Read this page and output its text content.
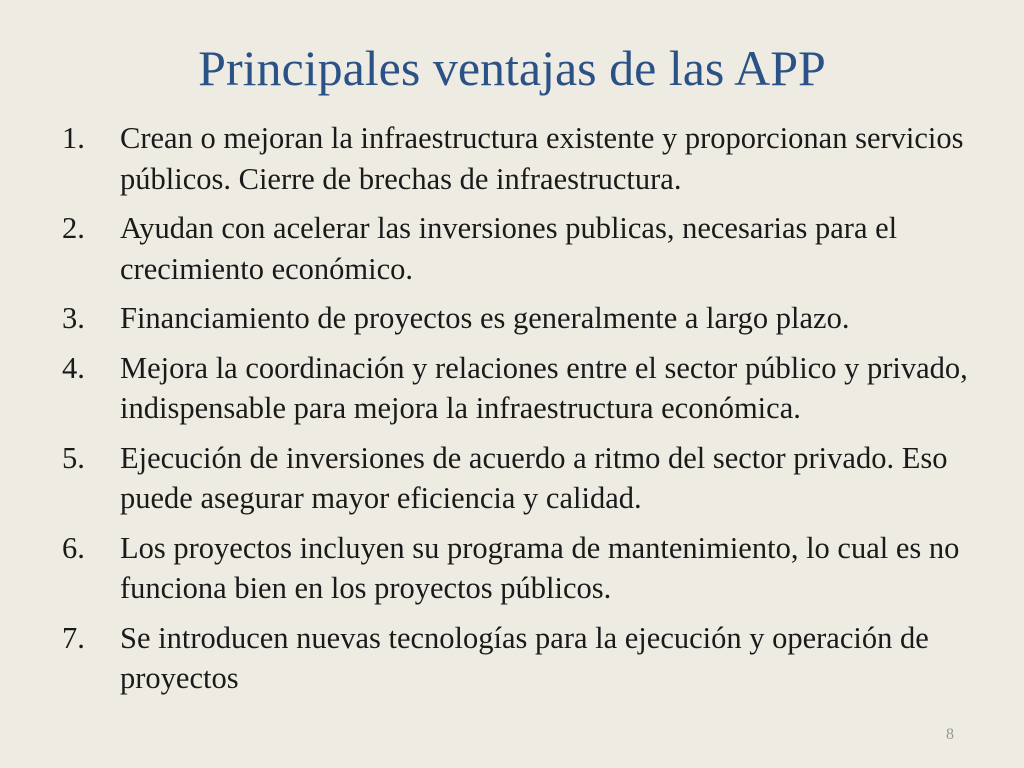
Principales ventajas de las APP
1.	Crean o mejoran la infraestructura existente y proporcionan servicios públicos. Cierre de brechas de infraestructura.
2.	Ayudan con acelerar las inversiones publicas, necesarias para el crecimiento económico.
3.	Financiamiento de proyectos es generalmente a largo plazo.
4.	Mejora la coordinación y relaciones entre el sector público y privado, indispensable para mejora la infraestructura económica.
5.	Ejecución de inversiones de acuerdo a ritmo del sector privado. Eso puede asegurar mayor eficiencia y calidad.
6.	Los proyectos incluyen su programa de mantenimiento, lo cual es no funciona bien en los proyectos públicos.
7.	Se introducen nuevas tecnologías para la ejecución y operación de proyectos
8
